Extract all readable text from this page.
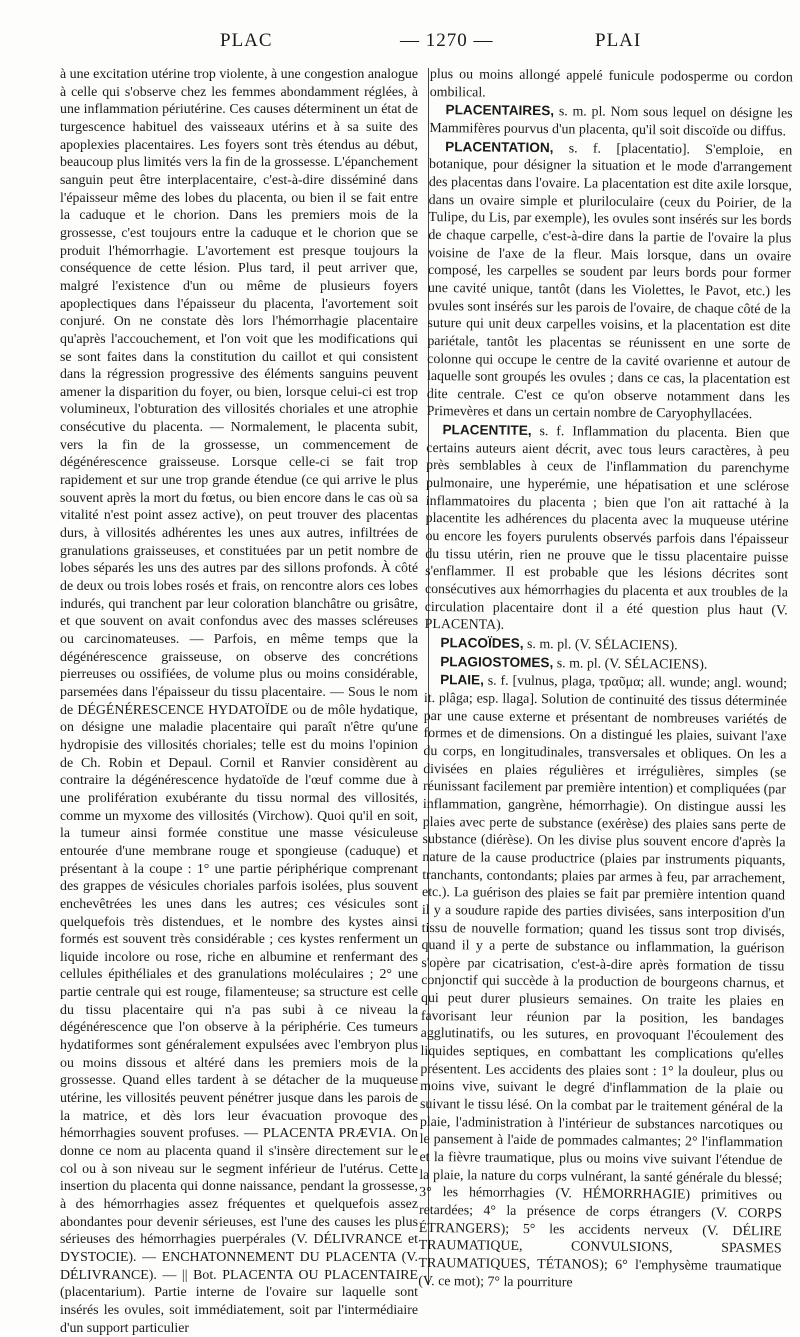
PLAC	— 1270 —	PLAI

à une excitation utérine trop violente, à une congestion analogue à celle qui s'observe chez les femmes abondamment réglées, à une inflammation périutérine. Ces causes déterminent un état de turgescence habituel des vaisseaux utérins et à sa suite des apoplexies placentaires. Les foyers sont très étendus au début, beaucoup plus limités vers la fin de la grossesse. L'épanchement sanguin peut être interplacentaire, c'est-à-dire disséminé dans l'épaisseur même des lobes du placenta, ou bien il se fait entre la caduque et le chorion. Dans les premiers mois de la grossesse, c'est toujours entre la caduque et le chorion que se produit l'hémorrhagie. L'avortement est presque toujours la conséquence de cette lésion. Plus tard, il peut arriver que, malgré l'existence d'un ou même de plusieurs foyers apoplectiques dans l'épaisseur du placenta, l'avortement soit conjuré. On ne constate dès lors l'hémorrhagie placentaire qu'après l'accouchement, et l'on voit que les modifications qui se sont faites dans la constitution du caillot et qui consistent dans la régression progressive des éléments sanguins peuvent amener la disparition du foyer, ou bien, lorsque celui-ci est trop volumineux, l'obturation des villosités choriales et une atrophie consécutive du placenta. — Normalement, le placenta subit, vers la fin de la grossesse, un commencement de dégénérescence graisseuse. Lorsque celle-ci se fait trop rapidement et sur une trop grande étendue (ce qui arrive le plus souvent après la mort du fœtus, ou bien encore dans le cas où sa vitalité n'est point assez active), on peut trouver des placentas durs, à villosités adhérentes les unes aux autres, infiltrées de granulations graisseuses, et constituées par un petit nombre de lobes séparés les uns des autres par des sillons profonds. À côté de deux ou trois lobes rosés et frais, on rencontre alors ces lobes indurés, qui tranchent par leur coloration blanchâtre ou grisâtre, et que souvent on avait confondus avec des masses scléreuses ou carcinomateuses. — Parfois, en même temps que la dégénérescence graisseuse, on observe des concrétions pierreuses ou ossifiées, de volume plus ou moins considérable, parsemées dans l'épaisseur du tissu placentaire. — Sous le nom de DÉGÉNÉRESCENCE HYDATOÏDE ou de môle hydatique, on désigne une maladie placentaire qui paraît n'être qu'une hydropisie des villosités choriales; telle est du moins l'opinion de Ch. Robin et Depaul. Cornil et Ranvier considèrent au contraire la dégénérescence hydatoïde de l'œuf comme due à une prolifération exubérante du tissu normal des villosités, comme un myxome des villosités (Virchow). Quoi qu'il en soit, la tumeur ainsi formée constitue une masse vésiculeuse entourée d'une membrane rouge et spongieuse (caduque) et présentant à la coupe : 1° une partie périphérique comprenant des grappes de vésicules choriales parfois isolées, plus souvent enchevêtrées les unes dans les autres; ces vésicules sont quelquefois très distendues, et le nombre des kystes ainsi formés est souvent très considérable ; ces kystes renferment un liquide incolore ou rose, riche en albumine et renfermant des cellules épithéliales et des granulations moléculaires ; 2° une partie centrale qui est rouge, filamenteuse; sa structure est celle du tissu placentaire qui n'a pas subi à ce niveau la dégénérescence que l'on observe à la périphérie. Ces tumeurs hydatiformes sont généralement expulsées avec l'embryon plus ou moins dissous et altéré dans les premiers mois de la grossesse. Quand elles tardent à se détacher de la muqueuse utérine, les villosités peuvent pénétrer jusque dans les parois de la matrice, et dès lors leur évacuation provoque des hémorrhagies souvent profuses. — PLACENTA PRÆVIA. On donne ce nom au placenta quand il s'insère directement sur le col ou à son niveau sur le segment inférieur de l'utérus. Cette insertion du placenta qui donne naissance, pendant la grossesse, à des hémorrhagies assez fréquentes et quelquefois assez abondantes pour devenir sérieuses, est l'une des causes les plus sérieuses des hémorrhagies puerpérales (V. DÉLIVRANCE et DYSTOCIE). — ENCHATONNEMENT DU PLACENTA (V. DÉLIVRANCE). — || Bot. PLACENTA OU PLACENTAIRE (placentarium). Partie interne de l'ovaire sur laquelle sont insérés les ovules, soit immédiatement, soit par l'intermédiaire d'un support particulier

plus ou moins allongé appelé funicule podosperme ou cordon ombilical.

PLACENTAIRES, s. m. pl. Nom sous lequel on désigne les Mammifères pourvus d'un placenta, qu'il soit discoïde ou diffus.

PLACENTATION, s. f. [placentatio]. S'emploie, en botanique, pour désigner la situation et le mode d'arrangement des placentas dans l'ovaire. La placentation est dite axile lorsque, dans un ovaire simple et pluriloculaire (ceux du Poirier, de la Tulipe, du Lis, par exemple), les ovules sont insérés sur les bords de chaque carpelle, c'est-à-dire dans la partie de l'ovaire la plus voisine de l'axe de la fleur. Mais lorsque, dans un ovaire composé, les carpelles se soudent par leurs bords pour former une cavité unique, tantôt (dans les Violettes, le Pavot, etc.) les ovules sont insérés sur les parois de l'ovaire, de chaque côté de la suture qui unit deux carpelles voisins, et la placentation est dite pariétale, tantôt les placentas se réunissent en une sorte de colonne qui occupe le centre de la cavité ovarienne et autour de laquelle sont groupés les ovules ; dans ce cas, la placentation est dite centrale. C'est ce qu'on observe notamment dans les Primevères et dans un certain nombre de Caryophyllacées.

PLACENTITE, s. f. Inflammation du placenta. Bien que certains auteurs aient décrit, avec tous leurs caractères, à peu près semblables à ceux de l'inflammation du parenchyme pulmonaire, une hyperémie, une hépatisation et une sclérose inflammatoires du placenta ; bien que l'on ait rattaché à la placentite les adhérences du placenta avec la muqueuse utérine ou encore les foyers purulents observés parfois dans l'épaisseur du tissu utérin, rien ne prouve que le tissu placentaire puisse s'enflammer. Il est probable que les lésions décrites sont consécutives aux hémorrhagies du placenta et aux troubles de la circulation placentaire dont il a été question plus haut (V. PLACENTA).

PLACOÏDES, s. m. pl. (V. SÉLACIENS).

PLAGIOSTOMES, s. m. pl. (V. SÉLACIENS).

PLAIE, s. f. [vulnus, plaga, τραῦμα; all. wunde; angl. wound; it. plâga; esp. llaga]. Solution de continuité des tissus déterminée par une cause externe et présentant de nombreuses variétés de formes et de dimensions. On a distingué les plaies, suivant l'axe du corps, en longitudinales, transversales et obliques. On les a divisées en plaies régulières et irrégulières, simples (se réunissant facilement par première intention) et compliquées (par inflammation, gangrène, hémorrhagie). On distingue aussi les plaies avec perte de substance (exérèse) des plaies sans perte de substance (diérèse). On les divise plus souvent encore d'après la nature de la cause productrice (plaies par instruments piquants, tranchants, contondants; plaies par armes à feu, par arrachement, etc.). La guérison des plaies se fait par première intention quand il y a soudure rapide des parties divisées, sans interposition d'un tissu de nouvelle formation; quand les tissus sont trop divisés, quand il y a perte de substance ou inflammation, la guérison s'opère par cicatrisation, c'est-à-dire après formation de tissu conjonctif qui succède à la production de bourgeons charnus, et qui peut durer plusieurs semaines. On traite les plaies en favorisant leur réunion par la position, les bandages agglutinatifs, ou les sutures, en provoquant l'écoulement des liquides septiques, en combattant les complications qu'elles présentent. Les accidents des plaies sont : 1° la douleur, plus ou moins vive, suivant le degré d'inflammation de la plaie ou suivant le tissu lésé. On la combat par le traitement général de la plaie, l'administration à l'intérieur de substances narcotiques ou le pansement à l'aide de pommades calmantes; 2° l'inflammation et la fièvre traumatique, plus ou moins vive suivant l'étendue de la plaie, la nature du corps vulnérant, la santé générale du blessé; 3° les hémorrhagies (V. HÉMORRHAGIE) primitives ou retardées; 4° la présence de corps étrangers (V. CORPS ÉTRANGERS); 5° les accidents nerveux (V. DÉLIRE TRAUMATIQUE, CONVULSIONS, SPASMES TRAUMATIQUES, TÉTANOS); 6° l'emphysème traumatique (V. ce mot); 7° la pourriture
